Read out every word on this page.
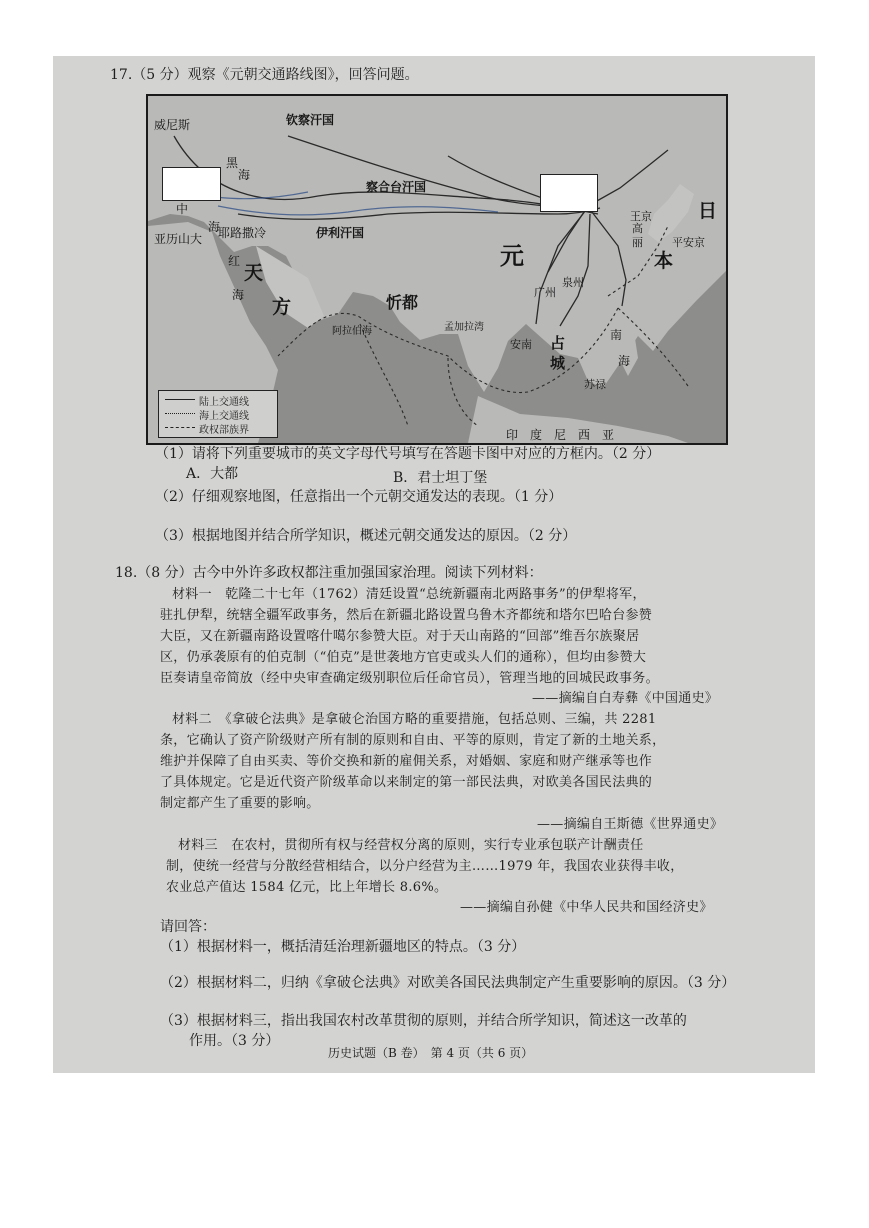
17.（5 分）观察《元朝交通路线图》，回答问题。
威尼斯	钦察汗国
察合台汗国
伊利汗国
黑
海
中
海
亚历山大 耶路撒冷
红
海
天
方	忻都
阿拉伯海	孟加拉湾
元
日
本
高
丽
王京
平安京
泉州
广州
南
海
安南 占
城
苏禄
印　度　尼　西　亚
陆上交通线
海上交通线
政权部族界
（1）请将下列重要城市的英文字母代号填写在答题卡图中对应的方框内。（2 分）
A．大都	B．君士坦丁堡
（2）仔细观察地图，任意指出一个元朝交通发达的表现。（1 分）
（3）根据地图并结合所学知识，概述元朝交通发达的原因。（2 分）
18.（8 分）古今中外许多政权都注重加强国家治理。阅读下列材料：
材料一　乾隆二十七年（1762）清廷设置“总统新疆南北两路事务”的伊犁将军，
驻扎伊犁，统辖全疆军政事务，然后在新疆北路设置乌鲁木齐都统和塔尔巴哈台参赞
大臣，又在新疆南路设置喀什噶尔参赞大臣。对于天山南路的“回部”维吾尔族聚居
区，仍承袭原有的伯克制（“伯克”是世袭地方官吏或头人们的通称），但均由参赞大
臣奏请皇帝简放（经中央审查确定级别职位后任命官员），管理当地的回城民政事务。
——摘编自白寿彝《中国通史》
材料二　《拿破仑法典》是拿破仑治国方略的重要措施，包括总则、三编，共 2281
条，它确认了资产阶级财产所有制的原则和自由、平等的原则，肯定了新的土地关系，
维护并保障了自由买卖、等价交换和新的雇佣关系，对婚姻、家庭和财产继承等也作
了具体规定。它是近代资产阶级革命以来制定的第一部民法典，对欧美各国民法典的
制定都产生了重要的影响。
——摘编自王斯德《世界通史》
材料三　在农村，贯彻所有权与经营权分离的原则，实行专业承包联产计酬责任
制，使统一经营与分散经营相结合，以分户经营为主……1979 年，我国农业获得丰收，
农业总产值达 1584 亿元，比上年增长 8.6%。
——摘编自孙健《中华人民共和国经济史》
请回答：
（1）根据材料一，概括清廷治理新疆地区的特点。（3 分）
（2）根据材料二，归纳《拿破仑法典》对欧美各国民法典制定产生重要影响的原因。（3 分）
（3）根据材料三，指出我国农村改革贯彻的原则，并结合所学知识，简述这一改革的
作用。（3 分）
历史试题（B 卷）　第 4 页（共 6 页）
